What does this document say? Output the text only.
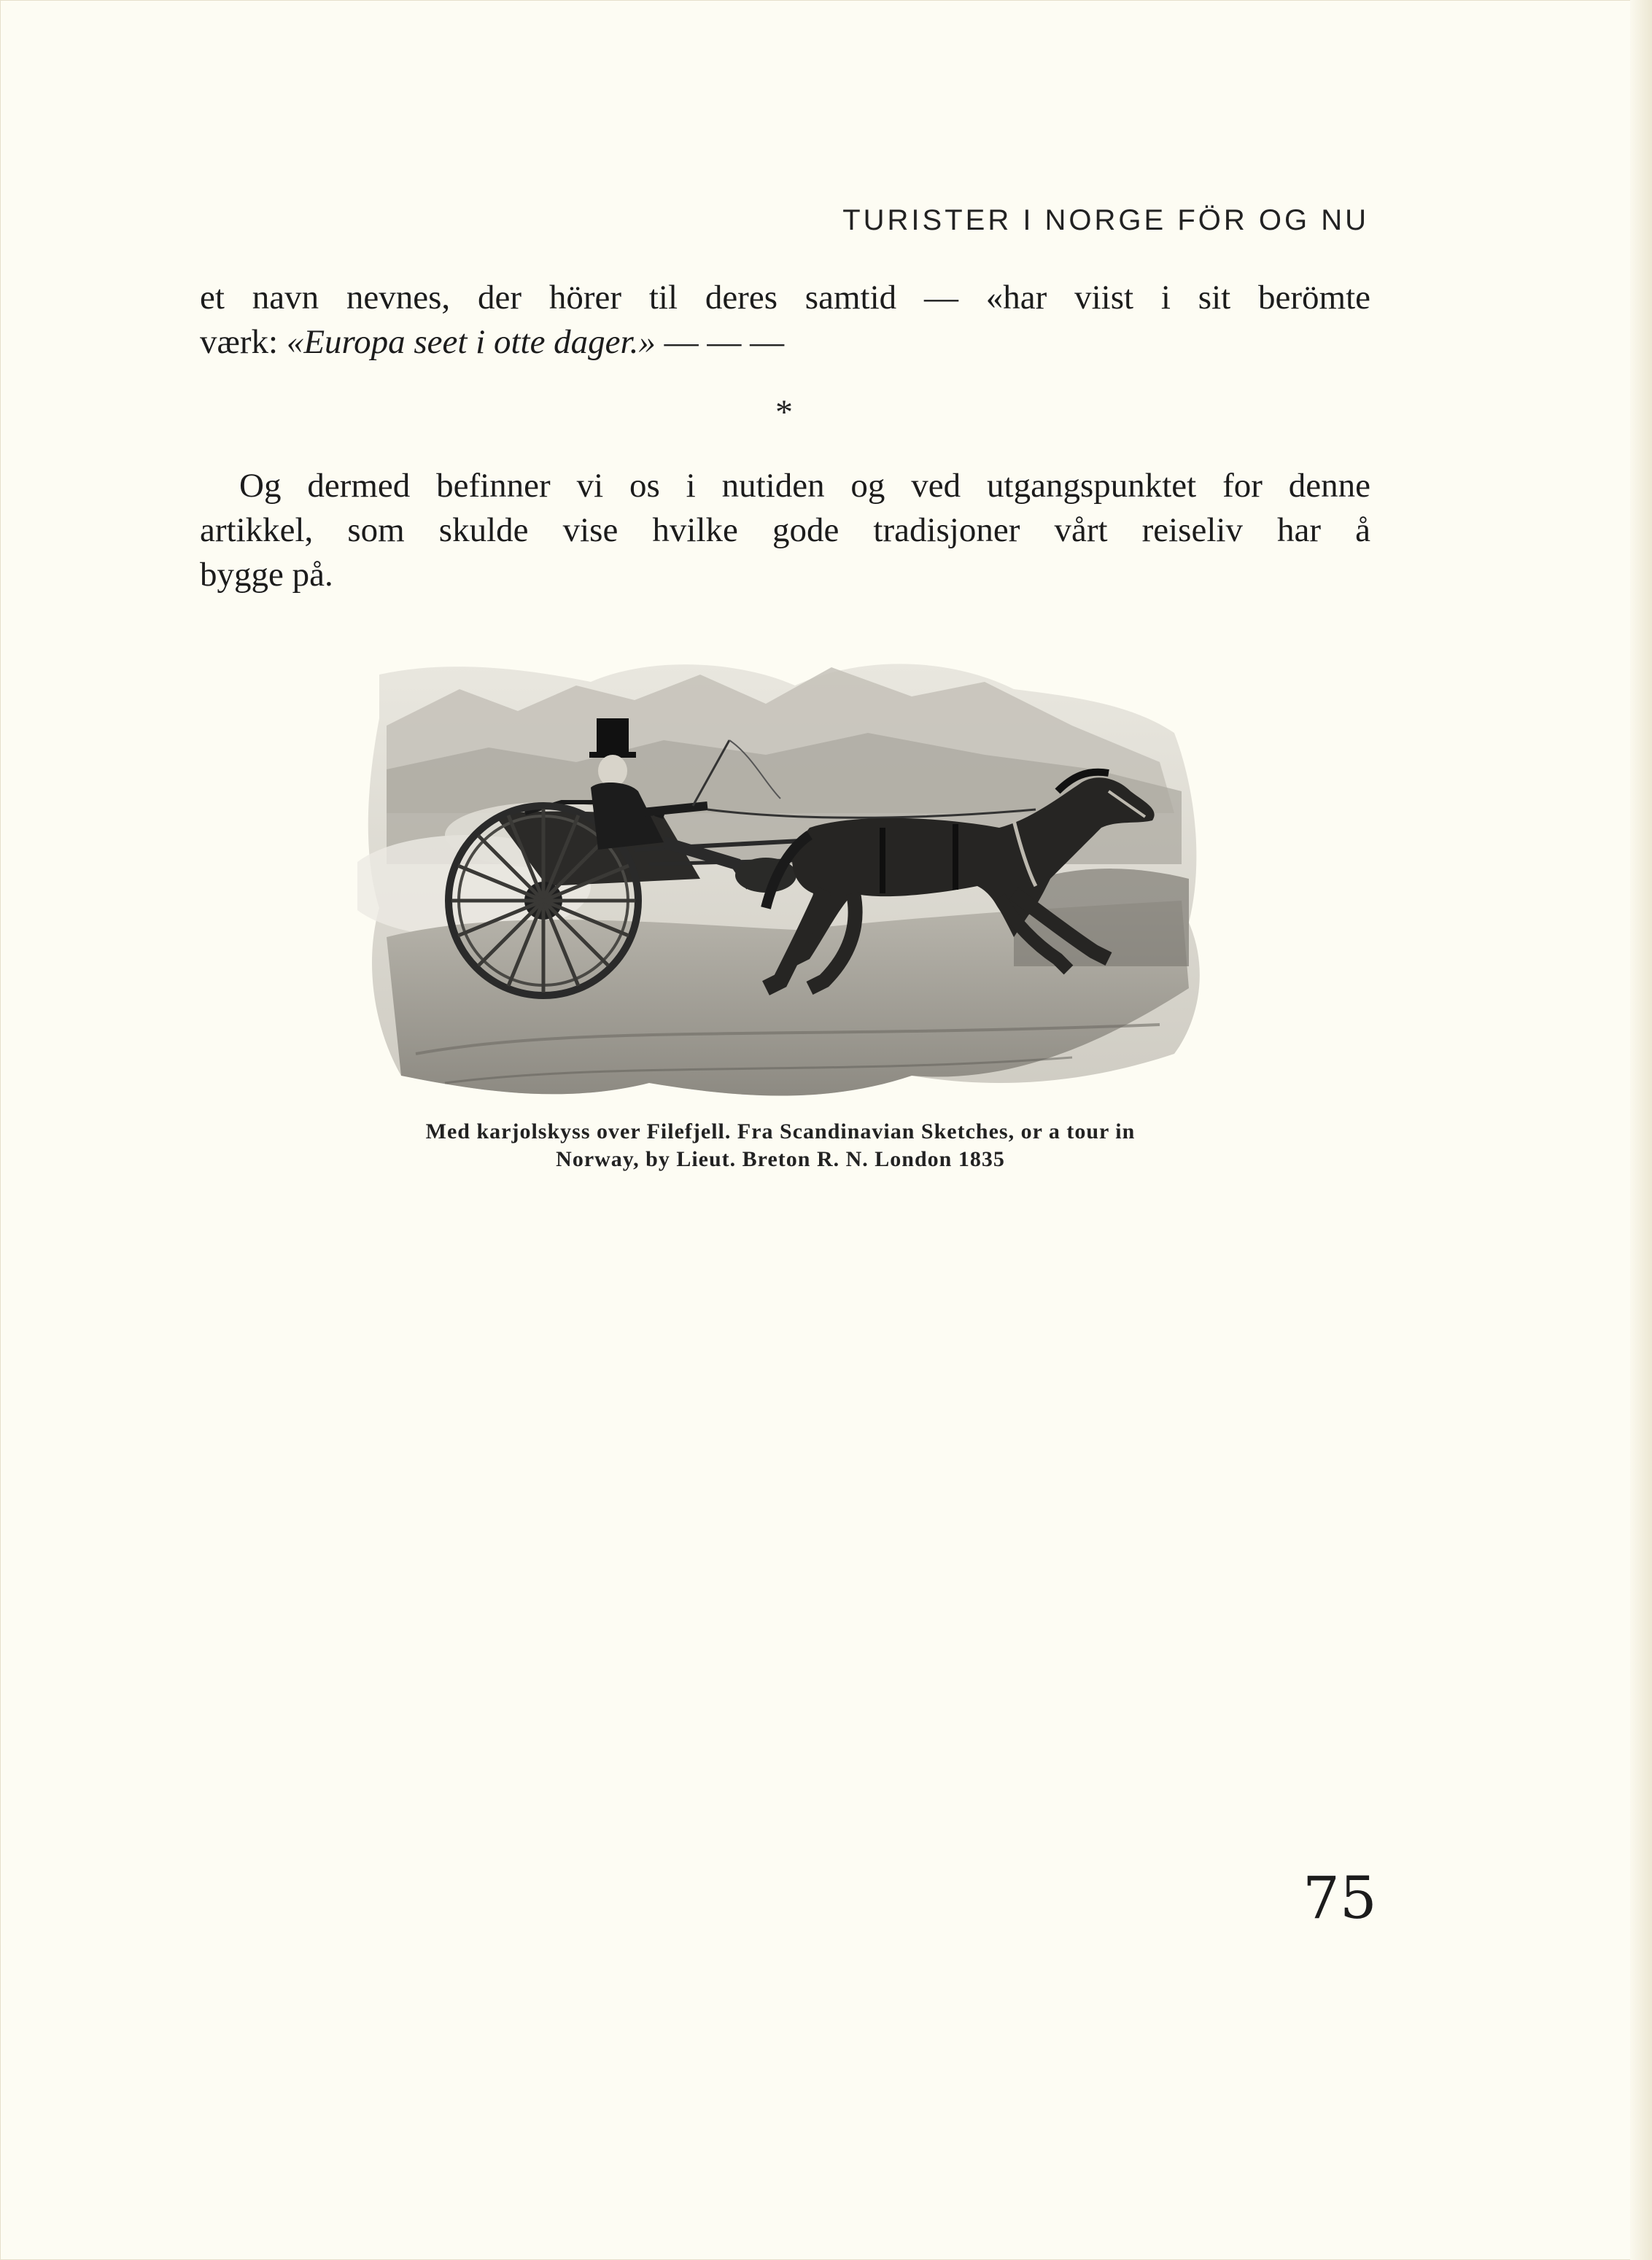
TURISTER I NORGE FÖR OG NU
et navn nevnes, der hörer til deres samtid — «har viist i sit berömte
værk: «Europa seet i otte dager.» — — —
*
Og dermed befinner vi os i nutiden og ved utgangspunktet for denne
artikkel, som skulde vise hvilke gode tradisjoner vårt reiseliv har å
bygge på.
Med karjolskyss over Filefjell. Fra Scandinavian Sketches, or a tour in
Norway, by Lieut. Breton R. N. London 1835
75
